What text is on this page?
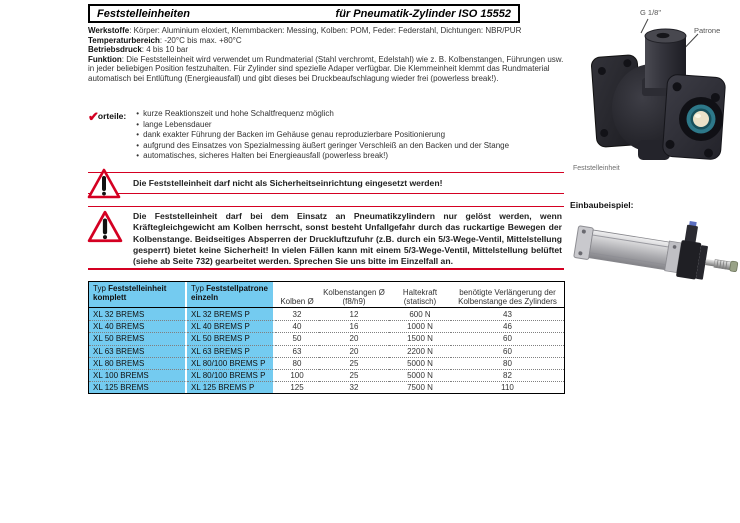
Feststelleinheiten	für Pneumatik-Zylinder ISO 15552
Werkstoffe: Körper: Aluminium eloxiert, Klemmbacken: Messing, Kolben: POM, Feder: Federstahl, Dichtungen: NBR/PUR
Temperaturbereich: -20°C bis max. +80°C
Betriebsdruck: 4 bis 10 bar
Funktion: Die Feststelleinheit wird verwendet um Rundmaterial (Stahl verchromt, Edelstahl) wie z. B. Kolbenstangen, Führungen usw. in jeder beliebigen Position festzuhalten. Für Zylinder sind spezielle Adaper verfügbar. Die Klemmeinheit klemmt das Rundmaterial automatisch bei Entlüftung (Energieausfall) und gibt dieses bei Druckbeaufschlagung wieder frei (powerless break!).
✔orteile:	• kurze Reaktionszeit und hohe Schaltfrequenz möglich
• lange Lebensdauer
• dank exakter Führung der Backen im Gehäuse genau reproduzierbare Positionierung
• aufgrund des Einsatzes von Spezialmessing äußert geringer Verschleiß an den Backen und der Stange
• automatisches, sicheres Halten bei Energieausfall (powerless break!)
Die Feststelleinheit darf nicht als Sicherheitseinrichtung eingesetzt werden!
Die Feststelleinheit darf bei dem Einsatz an Pneumatikzylindern nur gelöst werden, wenn Kräftegleichgewicht am Kolben herrscht, sonst besteht Unfallgefahr durch das ruckartige Bewegen der Kolbenstange. Beidseitiges Absperren der Druckluftzufuhr (z.B. durch ein 5/3-Wege-Ventil, Mittelstellung gesperrt) bietet keine Sicherheit! In vielen Fällen kann mit einem 5/3-Wege-Ventil, Mittelstellung belüftet (siehe ab Seite 732) gearbeitet werden. Sprechen Sie uns bitte im Einzelfall an.
Typ Feststelleinheit
komplett
Typ Feststellpatrone
einzeln	Kolben Ø
Kolbenstangen Ø
(f8/h9)
Haltekraft
(statisch)
benötigte Verlängerung der
Kolbenstange des Zylinders
XL 32 BREMS	XL 32 BREMS P	32	12	600 N	43
XL 40 BREMS	XL 40 BREMS P	40	16	1000 N	46
XL 50 BREMS	XL 50 BREMS P	50	20	1500 N	60
XL 63 BREMS	XL 63 BREMS P	63	20	2200 N	60
XL 80 BREMS	XL 80/100 BREMS P	80	25	5000 N	80
XL 100 BREMS	XL 80/100 BREMS P	100	25	5000 N	82
XL 125 BREMS	XL 125 BREMS P	125	32	7500 N	110
G 1/8"
Patrone
Feststelleinheit
Einbaubeispiel:
